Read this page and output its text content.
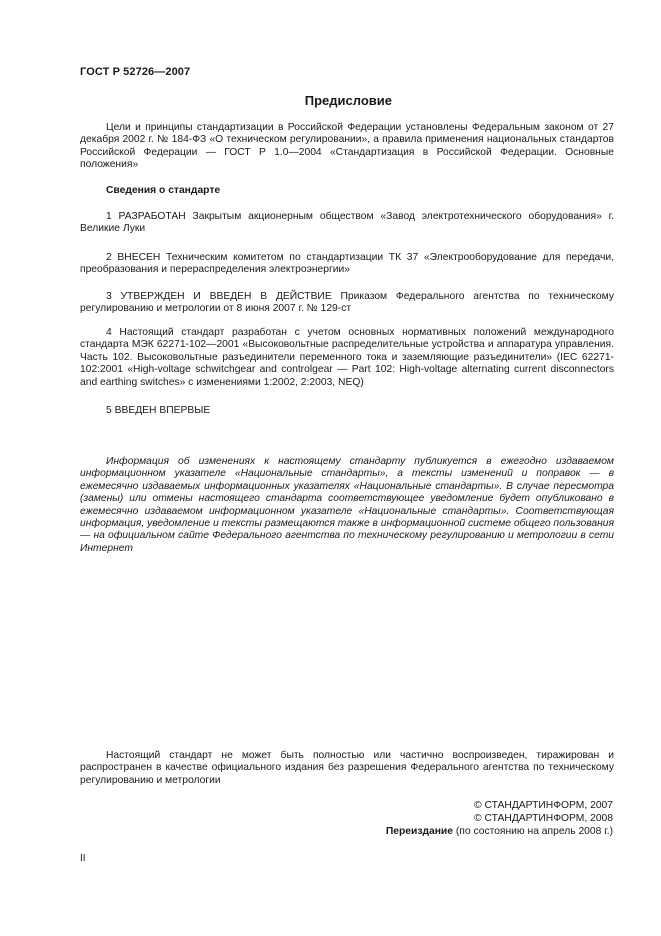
ГОСТ Р 52726—2007
Предисловие

Цели и принципы стандартизации в Российской Федерации установлены Федеральным законом от 27 декабря 2002 г. № 184-ФЗ «О техническом регулировании», а правила применения национальных стандартов Российской Федерации — ГОСТ Р 1.0—2004 «Стандартизация в Российской Федерации. Основные положения»

Сведения о стандарте

1 РАЗРАБОТАН Закрытым акционерным обществом «Завод электротехнического оборудования» г. Великие Луки

2 ВНЕСЕН Техническим комитетом по стандартизации ТК 37 «Электрооборудование для передачи, преобразования и перераспределения электроэнергии»

3 УТВЕРЖДЕН И ВВЕДЕН В ДЕЙСТВИЕ Приказом Федерального агентства по техническому регулированию и метрологии от 8 июня 2007 г. № 129-ст

4 Настоящий стандарт разработан с учетом основных нормативных положений международного стандарта МЭК 62271-102—2001 «Высоковольтные распределительные устройства и аппаратура управления. Часть 102. Высоковольтные разъединители переменного тока и заземляющие разъединители» (IEC 62271-102:2001 «High-voltage schwitchgear and controlgear — Part 102: High-voltage alternating current disconnectors and earthing switches» с изменениями 1:2002, 2:2003, NEQ)

5 ВВЕДЕН ВПЕРВЫЕ

Информация об изменениях к настоящему стандарту публикуется в ежегодно издаваемом информационном указателе «Национальные стандарты», а тексты изменений и поправок — в ежемесячно издаваемых информационных указателях «Национальные стандарты». В случае пересмотра (замены) или отмены настоящего стандарта соответствующее уведомление будет опубликовано в ежемесячно издаваемом информационном указателе «Национальные стандарты». Соответствующая информация, уведомление и тексты размещаются также в информационной системе общего пользования — на официальном сайте Федерального агентства по техническому регулированию и метрологии в сети Интернет

Настоящий стандарт не может быть полностью или частично воспроизведен, тиражирован и распространен в качестве официального издания без разрешения Федерального агентства по техническому регулированию и метрологии

© СТАНДАРТИНФОРМ, 2007
© СТАНДАРТИНФОРМ, 2008
Переиздание (по состоянию на апрель 2008 г.)
II
